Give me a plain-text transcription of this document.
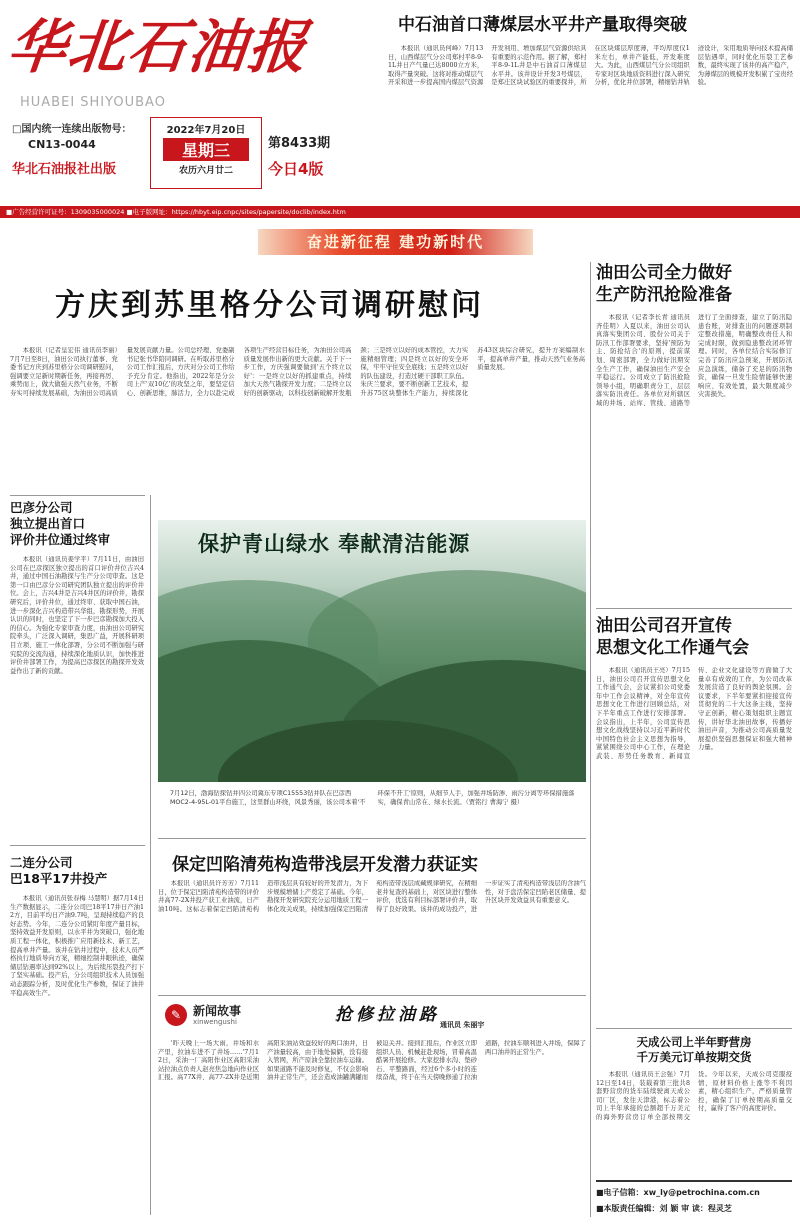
华北石油报
HUABEI SHIYOUBAO
□国内统一连续出版物号：
CN13-0044
华北石油报社出版
2022年7月20日
星期三
农历六月廿二
第8433期
今日4版
■广告经营许可证号：1309035000024 ■电子版网址：https://hbyt.eip.cnpc/sites/papersite/doclib/index.htm
中石油首口薄煤层水平井产量取得突破

本报讯（通讯员何峰）7月13日，山西煤层气分公司郑村平8-9-1L井日产气量已达8000立方米，取得产量突破。这将对推动煤层气开采和进一步提高国内煤层气资源开发利用、增加煤层气资源供给具有重要的示范作用。据了解，郑村平8-9-1L井是中石油首口薄煤层水平井。该井设计开发3号煤层，是郑庄区块试验区的重要探井，所在区块煤层厚度薄，平均厚度仅1米左右，单井产能低，开发难度大。为此，山西煤层气分公司组织专家对区块地质资料进行深入研究分析，优化井位部署，精细钻井轨迹设计，采用地质导向技术提高储层钻遇率，同时优化压裂工艺参数，最终实现了该井的高产稳产，为薄煤层的规模开发积累了宝贵经验。

奋进新征程 建功新时代
方庆到苏里格分公司调研慰问

本报讯（记者皇宏伟 通讯员李丽）7月7日至8日，油田公司执行董事、党委书记方庆到苏里格分公司调研慰问，强调要立足新时期新任务，再接再厉、乘势而上，做大做强天然气业务，不断夯实可持续发展基础，为油田公司高质量发展贡献力量。公司总经理、党委副书记张书华陪同调研。在听取苏里格分公司工作汇报后，方庆对分公司工作给予充分肯定。他指出，2022年是分公司上产'双10亿'的攻坚之年，要坚定信心、创新思维，肺活力，全力以赴完成各项生产经营目标任务，为油田公司高质量发展作出新的更大贡献。关于下一步工作，方庆强调要做到'五个终立以好'：一是终立以好的抓建重点，持续加大天然气勘探开发力度；二是终立以好的创新驱动，以科技创新破解开发瓶颈；三是终立以好的成本管控，大力实施精细管理；四是终立以好的安全环保，牢牢守住安全底线；五是终立以好的队伍建设，打造过硬干部职工队伍。朱庆兰要求，要不断创新工艺技术，提升苏75区块整体生产能力，持续深化苏43区块综合研究，提升方案编制水平，提高单井产量，推动天然气业务高质量发展。

巴彦分公司
独立提出首口
评价井位通过终审

本报讯（通讯员姜学平）7月11日，由油田公司在巴彦探区独立提出的首口评价井位吉兴4井，通过中国石油勘探与生产分公司审查。这是第一口由巴彦分公司研究团队独立提出的评价井位。会上，吉兴4井是吉兴4井区的评价井，勘探研究后，评价井位，通过终审、获取中国石油，进一步深化吉兴构造带兴华组，勘探形势，开展认识的同时，也坚定了下一步巴彦勘探加大投入的信心。为强化专家审查力度，由油田公司研究院牵头，广泛深入调研，集思广益，开展科研项目立项、施工一体化部署，分公司不断加强与研究院的交流沟通，持续深化地质认识，加快推进评价井部署工作，为提高巴彦探区的勘探开发效益作出了新的贡献。

二连分公司
巴18平17井投产

本报讯（通讯员张春梅 马慧明）据7月14日生产数据显示，二连分公司巴18平17井日产油12方，目前平均日产油9.7吨，呈现持续稳产的良好态势。今年，二连分公司紧盯年度产量目标，坚持效益开发原则，以水平井为突破口，强化地质工程一体化，积极推广应用新技术、新工艺，提高单井产量。该井在钻井过程中，技术人员严格执行地质导向方案，精细控制井眼轨迹，确保储层钻遇率达到92%以上，为后续压裂投产打下了坚实基础。投产后，分公司组织技术人员加强动态跟踪分析，及时优化生产参数，保证了油井平稳高效生产。

保护青山绿水 奉献清洁能源
7月12日，渤海钻探钻井四公司冀东专项C15553钻井队在巴彦西MOC2-4-95L-01平台施工，这里群山环绕，风景秀丽，该公司本着'不环保不开工'原则，从细节人手，加强井场防渗、雨污分离等环保措施落实，确保青山常在、绿水长流。（贾铭行 曹海宁 摄）
油田公司全力做好
生产防汛抢险准备

本报讯（记者李长青 通讯员齐佳明）入夏以来，油田公司认真落实集团公司、股份公司关于防汛工作部署要求，坚持'预防为主、防抢结合'的原则，提前谋划、周密部署，全力做好汛期安全生产工作，确保油田生产安全平稳运行。公司成立了防汛抢险领导小组，明确职责分工，层层落实防汛责任。各单位对所辖区域的井场、站库、管线、道路等进行了全面排查，建立了防汛隐患台账，对排查出的问题逐项制定整改措施，明确整改责任人和完成时限，做到隐患整改闭环管理。同时，各单位结合实际修订完善了防汛应急预案，开展防汛应急演练，储备了充足的防汛物资，确保一旦发生险情能够快速响应、有效处置，最大限度减少灾害损失。

油田公司召开宣传
思想文化工作通气会

本报讯（通讯员王亮）7月15日，油田公司召开宣传思想文化工作通气会，会议紧扣公司党委年中工作会议精神，对全年宣传思想文化工作进行回顾总结，对下半年重点工作进行安排部署。会议指出，上半年，公司宣传思想文化战线坚持以习近平新时代中国特色社会主义思想为指导，紧紧围绕公司中心工作，在理论武装、形势任务教育、新闻宣传、企业文化建设等方面做了大量卓有成效的工作，为公司改革发展营造了良好的舆论氛围。会议要求，下半年要紧扣迎接宣传贯彻党的二十大这条主线，坚持守正创新，精心策划组织主题宣传，讲好华北油田故事，传播好油田声音，为推动公司高质量发展提供坚强思想保证和强大精神力量。

天成公司上半年野营房
千万美元订单按期交货

本报讯（通讯员王会强）7月12日至14日，装载着第三批共8套野营房的货车陆续驶离天成公司厂区，发往天津港，标志着公司上半年承接的总额超千万美元的海外野营房订单全部按期交货。今年以来，天成公司克服疫情、原材料价格上涨等不利因素，精心组织生产，严格质量管控，确保了订单按期高质量交付，赢得了客户的高度评价。

保定凹陷清苑构造带浅层开发潜力获证实

本报讯（通讯员许芳芳）7月11日，位于保定凹陷清苑构造带的评价井高77-2X井投产获工业油流，日产油10吨。这标志着保定凹陷清苑构造带浅层具有较好的开发潜力，为下步规模增储上产奠定了基础。今年，勘探开发研究院充分运用地质工程一体化攻关成果，持续加强保定凹陷清苑构造带浅层成藏规律研究，在精细老井复查的基础上，对区块进行整体评价，优选有利目标部署评价井，取得了良好效果。该井的成功投产，进一步证实了清苑构造带浅层的含油气性，对于盘活保定凹陷老区储量、提升区块开发效益具有重要意义。

✎ 新闻故事
xinwengushi	抢修拉油路 通讯员 朱丽宇

'昨天晚上一场大雨，井场和水产里，拉油车进不了井场……'7月12日，采油一厂高阳作业区高阳采油站拉油点负责人赵亮焦急地向作业区汇报。高77X井、高77-2X井是近期高阳采油站效益较好的两口油井，日产油量较高，由于地处偏僻，没有接入管网，所产原油全靠拉油车运输。如果道路不能及时修复，不仅会影响油井正常生产，还会造成油罐满罐而被迫关井。接到汇报后，作业区立即组织人员、机械赶赴现场，冒着高温酷暑开展抢修。大家挖排水沟、垫砂石、平整路面，经过6个多小时的连续奋战，终于在当天傍晚修通了拉油道路，拉油车顺利进入井场，保障了两口油井的正常生产。

■电子信箱：xw_ly@petrochina.com.cn
■本版责任编辑：刘 颖 审 读：程灵芝
